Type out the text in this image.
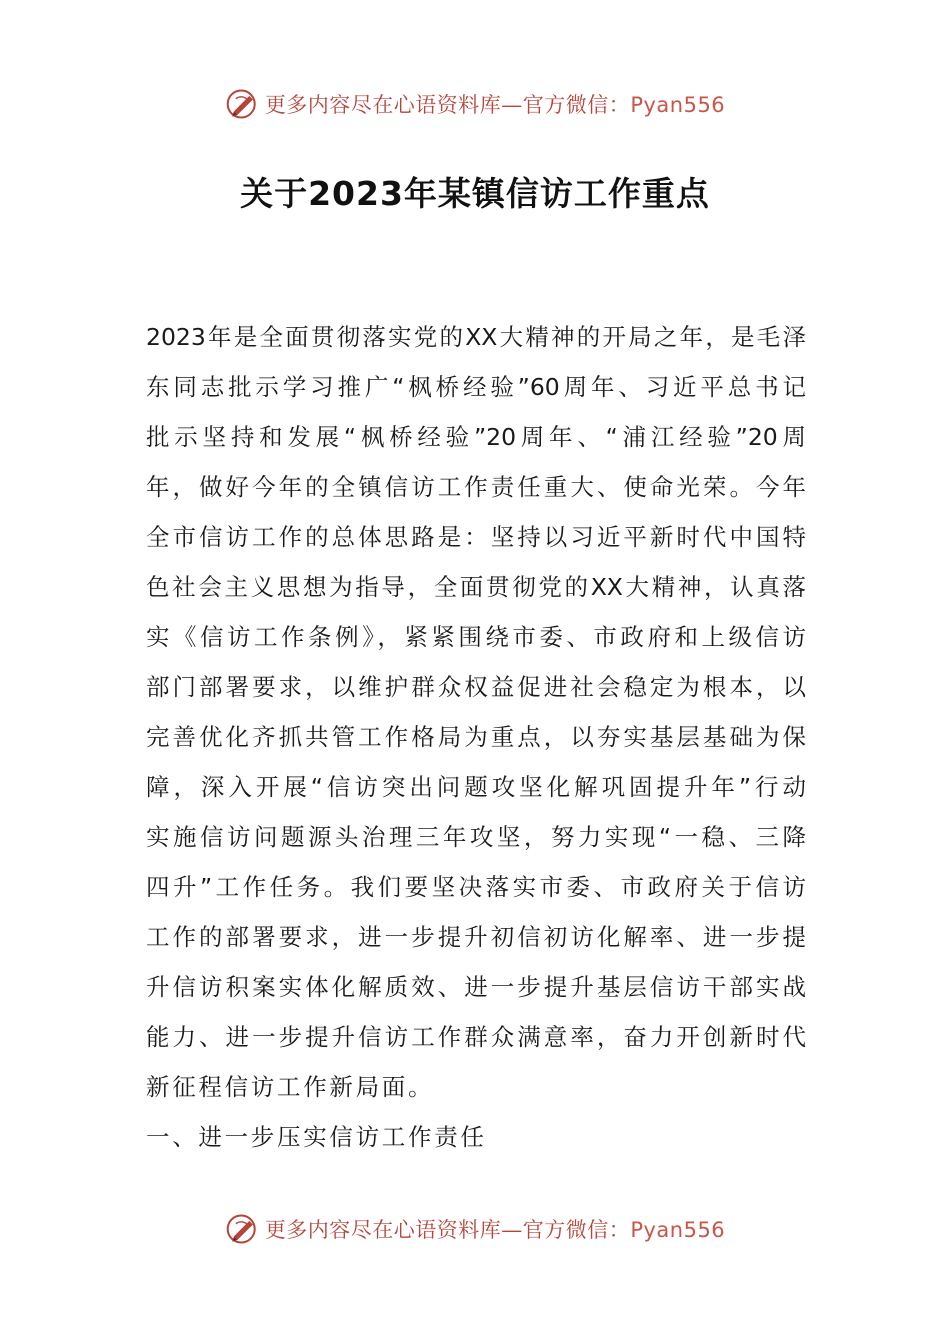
更多内容尽在心语资料库—官方微信：Pyan556
关于2023年某镇信访工作重点
2023年是全面贯彻落实党的XX大精神的开局之年，是毛泽
东同志批示学习推广“枫桥经验”60周年、习近平总书记
批示坚持和发展“枫桥经验”20周年、“浦江经验”20周
年，做好今年的全镇信访工作责任重大、使命光荣。今年
全市信访工作的总体思路是：坚持以习近平新时代中国特
色社会主义思想为指导，全面贯彻党的XX大精神，认真落
实《信访工作条例》，紧紧围绕市委、市政府和上级信访
部门部署要求，以维护群众权益促进社会稳定为根本，以
完善优化齐抓共管工作格局为重点，以夯实基层基础为保
障，深入开展“信访突出问题攻坚化解巩固提升年”行动
实施信访问题源头治理三年攻坚，努力实现“一稳、三降
四升”工作任务。我们要坚决落实市委、市政府关于信访
工作的部署要求，进一步提升初信初访化解率、进一步提
升信访积案实体化解质效、进一步提升基层信访干部实战
能力、进一步提升信访工作群众满意率，奋力开创新时代
新征程信访工作新局面。
一、进一步压实信访工作责任
更多内容尽在心语资料库—官方微信：Pyan556
